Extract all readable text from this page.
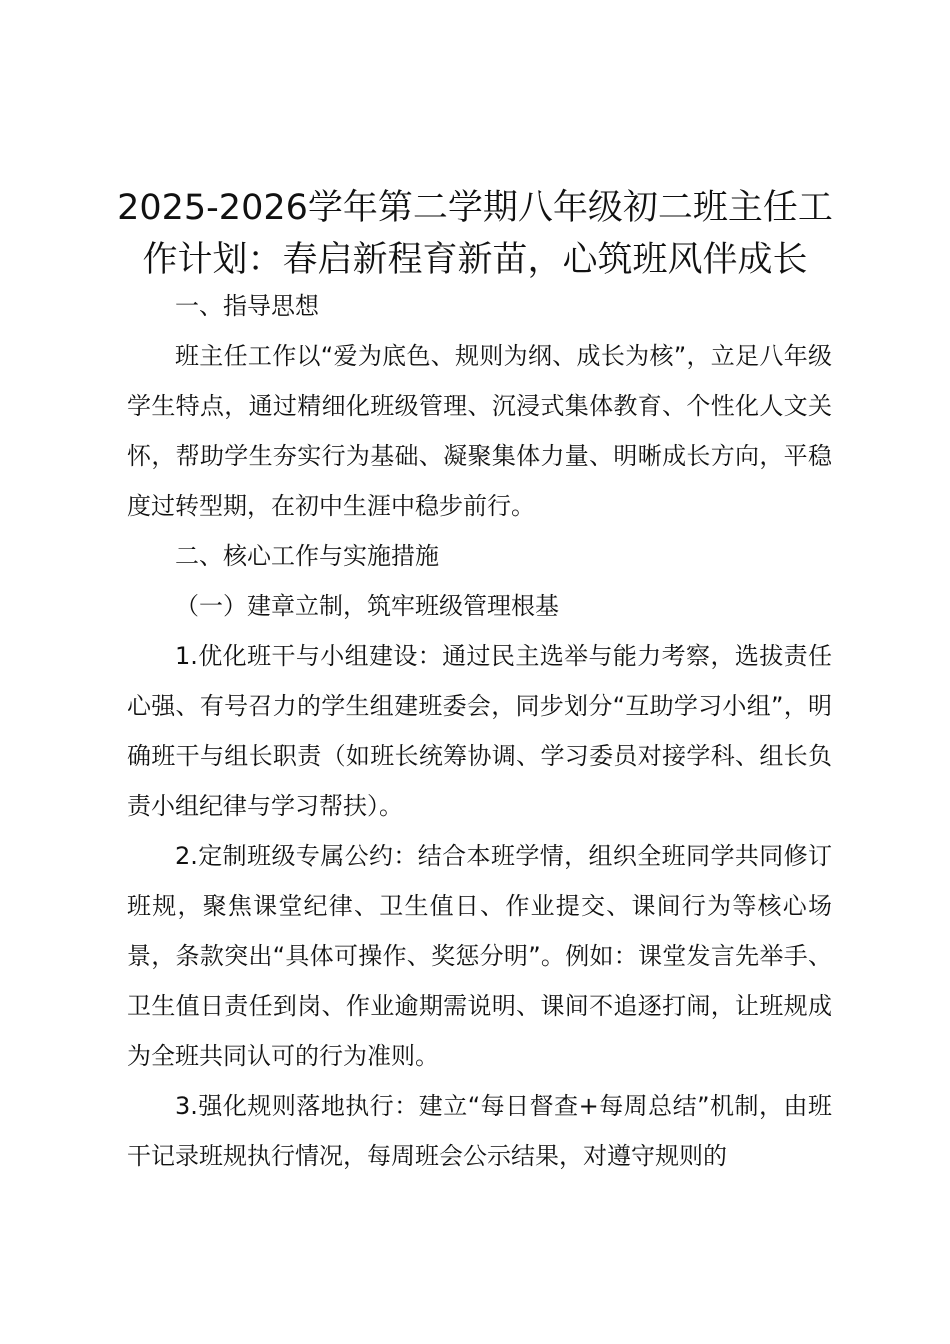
2025-2026学年第二学期八年级初二班主任工作计划：春启新程育新苗，心筑班风伴成长

一、指导思想

班主任工作以“爱为底色、规则为纲、成长为核”，立足八年级学生特点，通过精细化班级管理、沉浸式集体教育、个性化人文关怀，帮助学生夯实行为基础、凝聚集体力量、明晰成长方向，平稳度过转型期，在初中生涯中稳步前行。

二、核心工作与实施措施

（一）建章立制，筑牢班级管理根基

1.优化班干与小组建设：通过民主选举与能力考察，选拔责任心强、有号召力的学生组建班委会，同步划分“互助学习小组”，明确班干与组长职责（如班长统筹协调、学习委员对接学科、组长负责小组纪律与学习帮扶）。

2.定制班级专属公约：结合本班学情，组织全班同学共同修订班规，聚焦课堂纪律、卫生值日、作业提交、课间行为等核心场景，条款突出“具体可操作、奖惩分明”。例如：课堂发言先举手、卫生值日责任到岗、作业逾期需说明、课间不追逐打闹，让班规成为全班共同认可的行为准则。

3.强化规则落地执行：建立“每日督查+每周总结”机制，由班干记录班规执行情况，每周班会公示结果，对遵守规则的
